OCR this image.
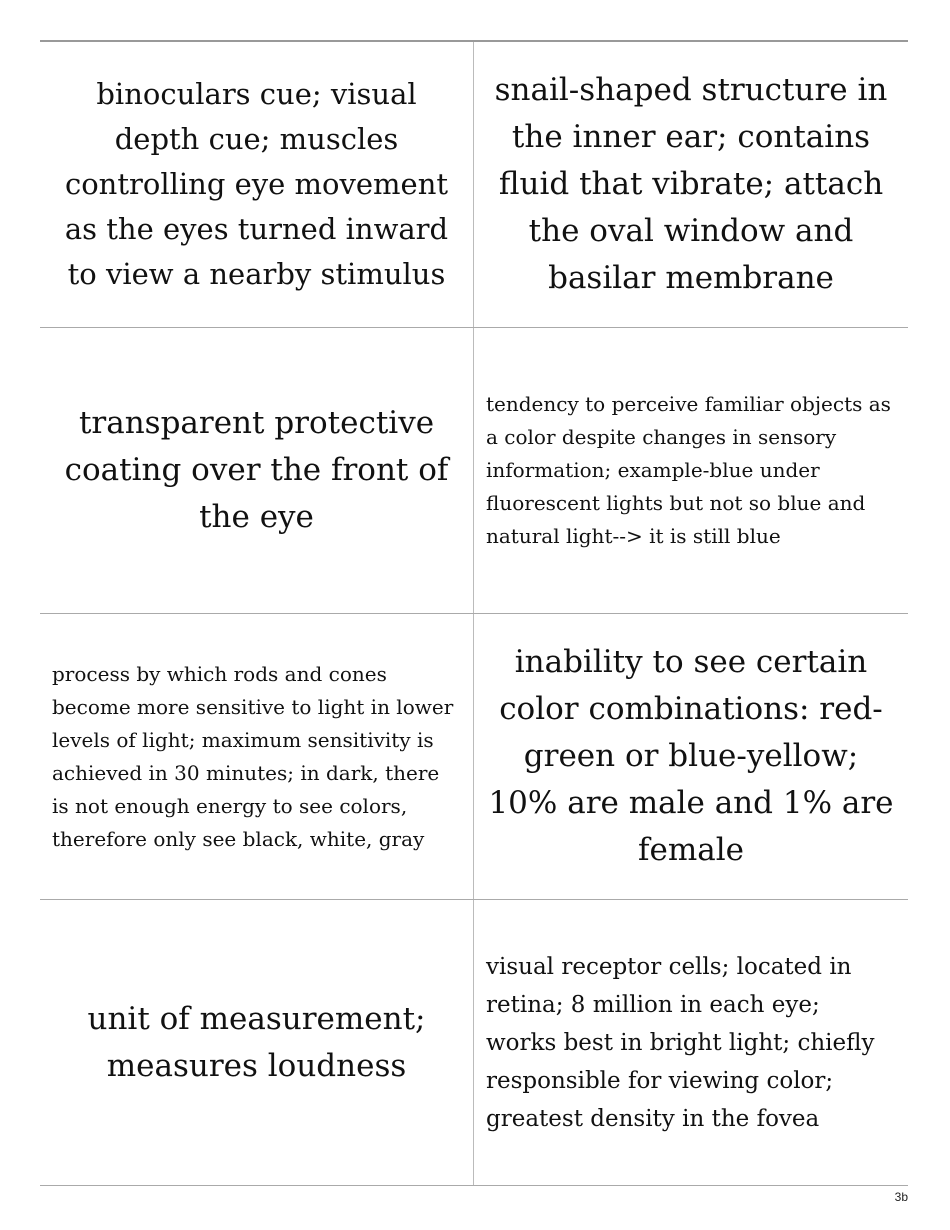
binoculars cue; visual depth cue; muscles controlling eye movement as the eyes turned inward to view a nearby stimulus
snail-shaped structure in the inner ear; contains fluid that vibrate; attach the oval window and basilar membrane
transparent protective coating over the front of the eye
tendency to perceive familiar objects as a color despite changes in sensory information; example-blue under fluorescent lights but not so blue and natural light--> it is still blue
process by which rods and cones become more sensitive to light in lower levels of light; maximum sensitivity is achieved in 30 minutes; in dark, there is not enough energy to see colors, therefore only see black, white, gray
inability to see certain color combinations: red-green or blue-yellow; 10% are male and 1% are female
unit of measurement; measures loudness
visual receptor cells; located in retina; 8 million in each eye; works best in bright light; chiefly responsible for viewing color; greatest density in the fovea
3b
